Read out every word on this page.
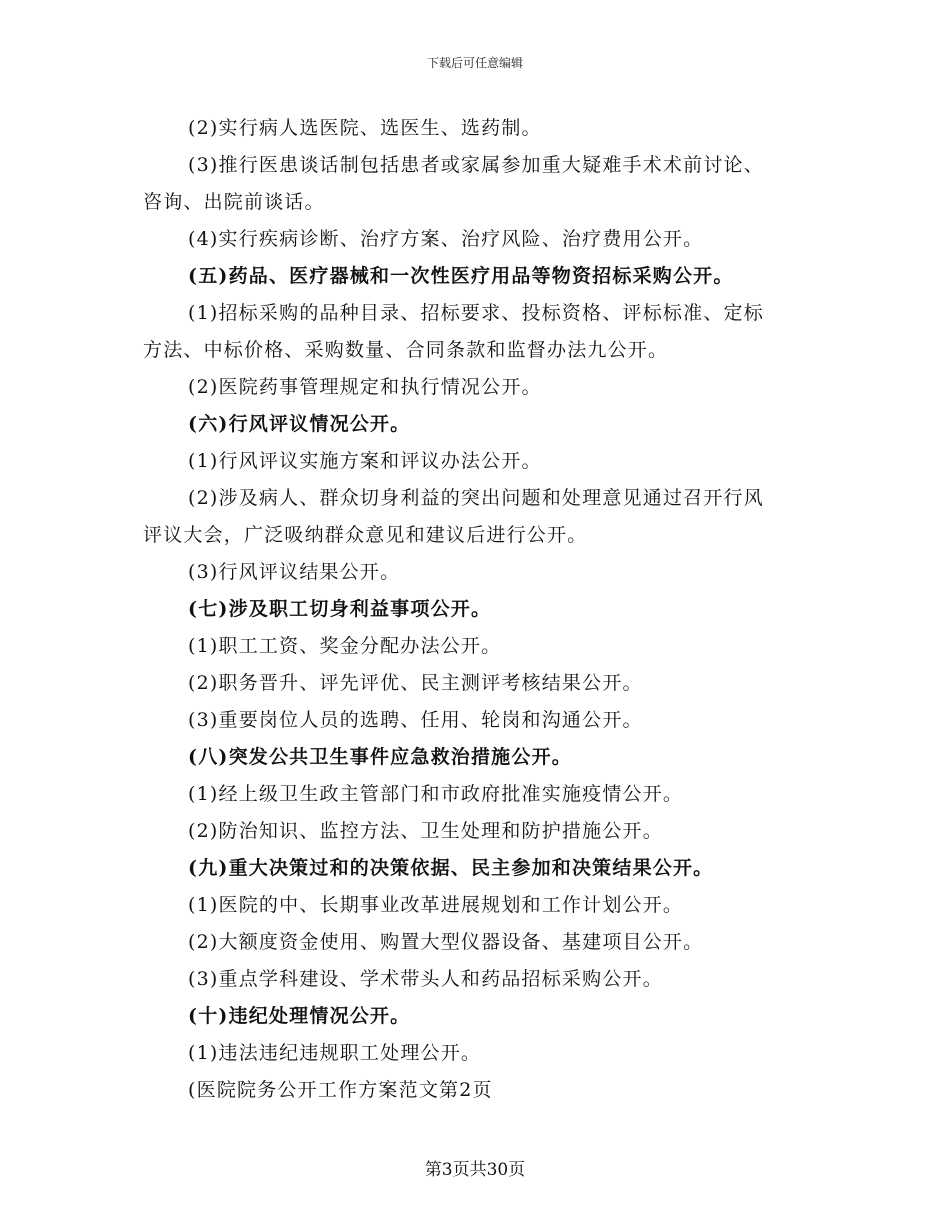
下载后可任意编辑
(2)实行病人选医院、选医生、选药制。
(3)推行医患谈话制包括患者或家属参加重大疑难手术术前讨论、
咨询、出院前谈话。
(4)实行疾病诊断、治疗方案、治疗风险、治疗费用公开。
(五)药品、医疗器械和一次性医疗用品等物资招标采购公开。
(1)招标采购的品种目录、招标要求、投标资格、评标标准、定标
方法、中标价格、采购数量、合同条款和监督办法九公开。
(2)医院药事管理规定和执行情况公开。
(六)行风评议情况公开。
(1)行风评议实施方案和评议办法公开。
(2)涉及病人、群众切身利益的突出问题和处理意见通过召开行风
评议大会，广泛吸纳群众意见和建议后进行公开。
(3)行风评议结果公开。
(七)涉及职工切身利益事项公开。
(1)职工工资、奖金分配办法公开。
(2)职务晋升、评先评优、民主测评考核结果公开。
(3)重要岗位人员的选聘、任用、轮岗和沟通公开。
(八)突发公共卫生事件应急救治措施公开。
(1)经上级卫生政主管部门和市政府批准实施疫情公开。
(2)防治知识、监控方法、卫生处理和防护措施公开。
(九)重大决策过和的决策依据、民主参加和决策结果公开。
(1)医院的中、长期事业改革进展规划和工作计划公开。
(2)大额度资金使用、购置大型仪器设备、基建项目公开。
(3)重点学科建设、学术带头人和药品招标采购公开。
(十)违纪处理情况公开。
(1)违法违纪违规职工处理公开。
(医院院务公开工作方案范文第2页
第3页共30页
